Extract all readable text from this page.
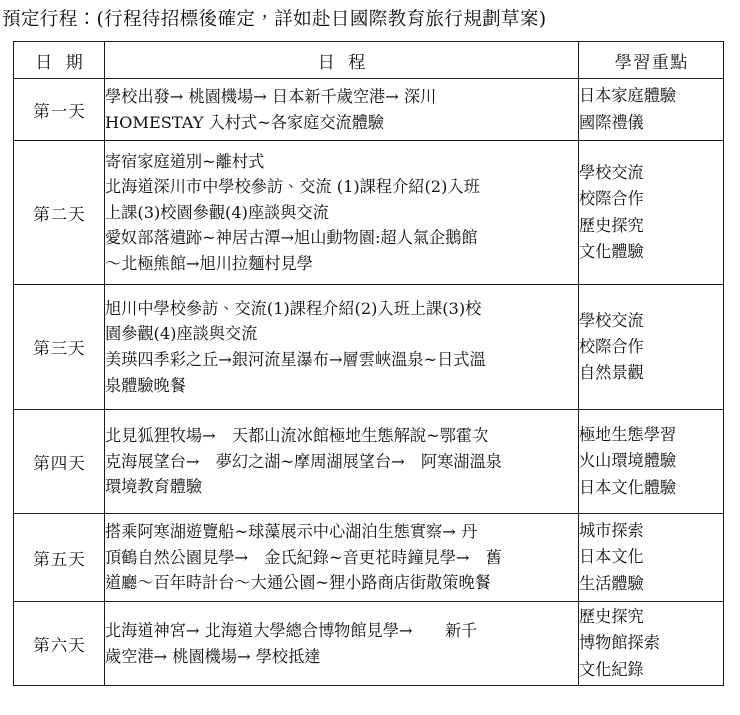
預定行程：(行程待招標後確定，詳如赴日國際教育旅行規劃草案)
日 期	日 程	學習重點
第一天	學校出發→ 桃園機場→ 日本新千歲空港→ 深川
HOMESTAY 入村式~各家庭交流體驗	日本家庭體驗
國際禮儀

第二天	寄宿家庭道別~離村式
北海道深川市中學校參訪、交流 (1)課程介紹(2)入班
上課(3)校園參觀(4)座談與交流
愛奴部落遺跡~神居古潭→旭山動物園:超人氣企鵝館
～北極熊館→旭川拉麵村見學	學校交流
校際合作
歷史探究
文化體驗

第三天	旭川中學校參訪、交流(1)課程介紹(2)入班上課(3)校
園參觀(4)座談與交流
美瑛四季彩之丘→銀河流星瀑布→層雲峽溫泉~日式溫
泉體驗晚餐	學校交流
校際合作
自然景觀

第四天	北見狐狸牧場→　天都山流冰館極地生態解說~鄂霍次
克海展望台→　夢幻之湖~摩周湖展望台→　阿寒湖溫泉
環境教育體驗	極地生態學習
火山環境體驗
日本文化體驗

第五天	搭乘阿寒湖遊覽船~球藻展示中心湖泊生態實察→ 丹
頂鶴自然公園見學→　金氏紀錄~音更花時鐘見學→　舊
道廳～百年時計台～大通公園~狸小路商店街散策晚餐	城市探索
日本文化
生活體驗

第六天	北海道神宮→ 北海道大學總合博物館見學→　　新千
歲空港→ 桃園機場→ 學校抵達	歷史探究
博物館探索
文化紀錄
